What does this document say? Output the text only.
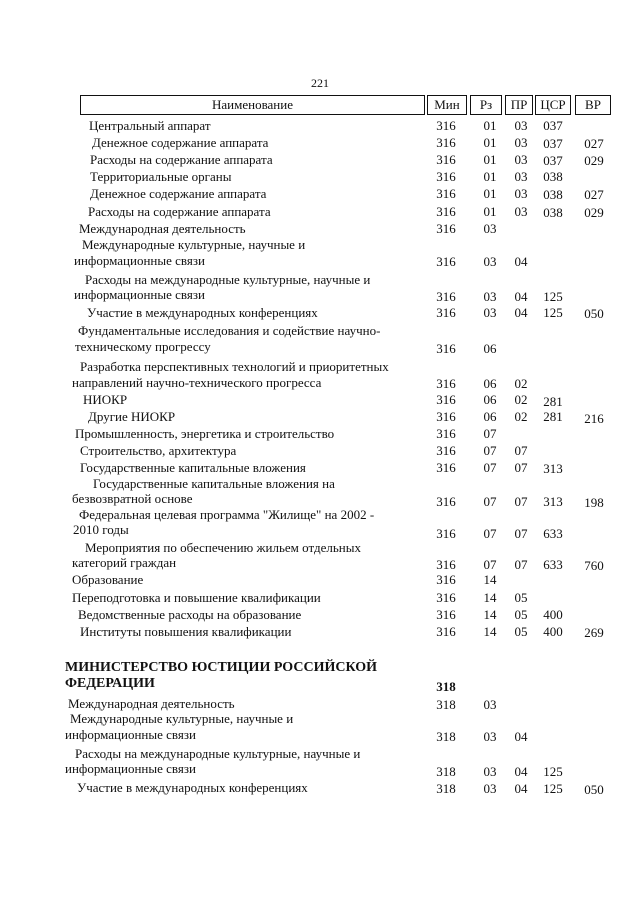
221
Наименование	Мин	Рз	ПР	ЦСР	ВР
Центральный аппарат	316	01	03	037
Денежное содержание аппарата	316	01	03	037	027
Расходы на содержание аппарата	316	01	03	037	029
Территориальные органы	316	01	03	038
Денежное содержание аппарата	316	01	03	038	027
Расходы на содержание аппарата	316	01	03	038	029
Международная деятельность	316	03
Международные культурные, научные и
информационные связи	316	03	04
Расходы на международные культурные, научные и
информационные связи	316	03	04	125
Участие в международных конференциях	316	03	04	125	050
Фундаментальные исследования и содействие научно-
техническому прогрессу	316	06
Разработка перспективных технологий и приоритетных
направлений научно-технического прогресса	316	06	02
НИОКР	316	06	02	281
Другие НИОКР	316	06	02	281	216
Промышленность, энергетика и строительство	316	07
Строительство, архитектура	316	07	07
Государственные капитальные вложения	316	07	07	313
Государственные капитальные вложения на
безвозвратной основе	316	07	07	313	198
Федеральная целевая программа "Жилище" на 2002 -
2010 годы	316	07	07	633
Мероприятия по обеспечению жильем отдельных
категорий граждан	316	07	07	633	760
Образование	316	14
Переподготовка и повышение квалификации	316	14	05
Ведомственные расходы на образование	316	14	05	400
Институты повышения квалификации	316	14	05	400	269
МИНИСТЕРСТВО ЮСТИЦИИ РОССИЙСКОЙ
ФЕДЕРАЦИИ	318
Международная деятельность	318	03
Международные культурные, научные и
информационные связи	318	03	04
Расходы на международные культурные, научные и
информационные связи	318	03	04	125
Участие в международных конференциях	318	03	04	125	050
